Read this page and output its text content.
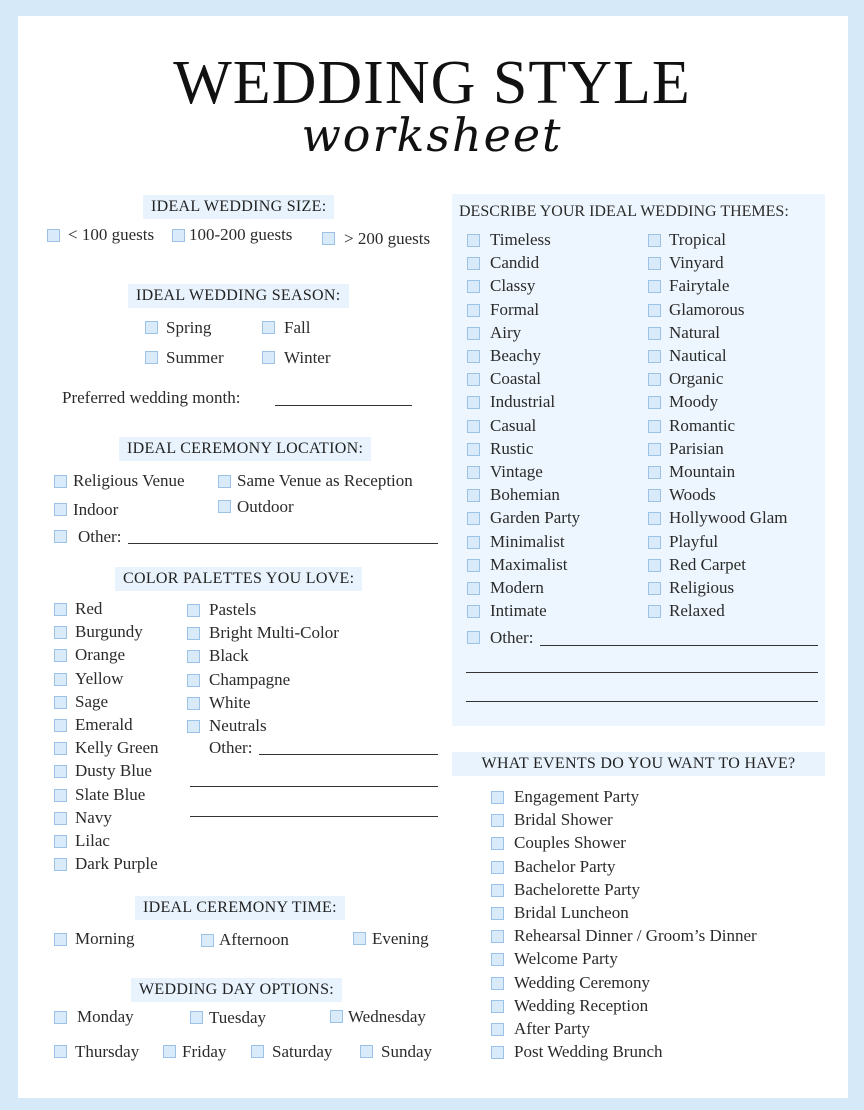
WEDDING STYLE
worksheet
IDEAL WEDDING SIZE:
< 100 guests 100-200 guests	> 200 guests
IDEAL WEDDING SEASON:
Spring	Fall
Summer	Winter
Preferred wedding month:
IDEAL CEREMONY LOCATION:
Religious Venue	Same Venue as Reception
Indoor	Outdoor
Other:
COLOR PALETTES YOU LOVE:
Red
Burgundy
Orange
Yellow
Sage
Emerald
Kelly Green
Dusty Blue
Slate Blue
Navy
Lilac
Dark Purple
Pastels
Bright Multi-Color
Black
Champagne
White
Neutrals
Other:
IDEAL CEREMONY TIME:
Morning	Afternoon	Evening
WEDDING DAY OPTIONS:
Monday	Tuesday	Wednesday
Thursday	Friday	Saturday	Sunday
DESCRIBE YOUR IDEAL WEDDING THEMES:
Timeless
Candid
Classy
Formal
Airy
Beachy
Coastal
Industrial
Casual
Rustic
Vintage
Bohemian
Garden Party
Minimalist
Maximalist
Modern
Intimate
Tropical
Vinyard
Fairytale
Glamorous
Natural
Nautical
Organic
Moody
Romantic
Parisian
Mountain
Woods
Hollywood Glam
Playful
Red Carpet
Religious
Relaxed
Other:
WHAT EVENTS DO YOU WANT TO HAVE?
Engagement Party
Bridal Shower
Couples Shower
Bachelor Party
Bachelorette Party
Bridal Luncheon
Rehearsal Dinner / Groom’s Dinner
Welcome Party
Wedding Ceremony
Wedding Reception
After Party
Post Wedding Brunch
